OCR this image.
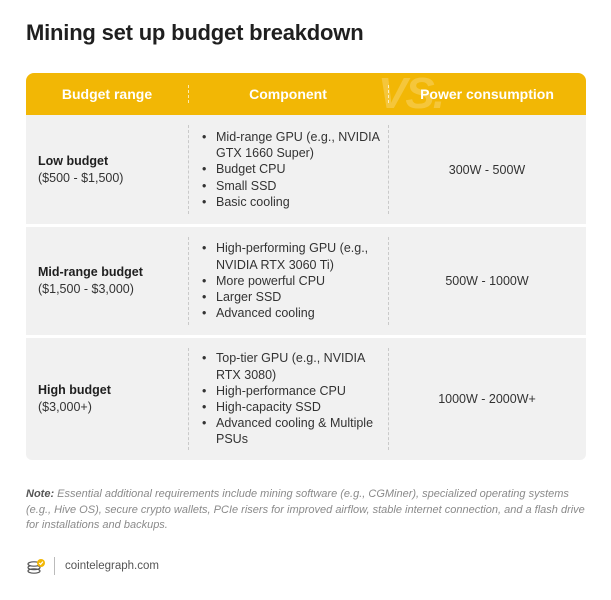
Mining set up budget breakdown
Budget range	Component	Power consumption
VS.
Low budget
($500 - $1,500)
• Mid-range GPU (e.g., NVIDIA GTX 1660 Super)
• Budget CPU
• Small SSD
• Basic cooling
300W - 500W
Mid-range budget
($1,500 - $3,000)
• High-performing GPU (e.g., NVIDIA RTX 3060 Ti)
• More powerful CPU
• Larger SSD
• Advanced cooling
500W - 1000W
High budget
($3,000+)
• Top-tier GPU (e.g., NVIDIA RTX 3080)
• High-performance CPU
• High-capacity SSD
• Advanced cooling & Multiple PSUs
1000W - 2000W+
Note: Essential additional requirements include mining software (e.g., CGMiner), specialized operating systems (e.g., Hive OS), secure crypto wallets, PCIe risers for improved airflow, stable internet connection, and a flash drive for installations and backups.
cointelegraph.com
